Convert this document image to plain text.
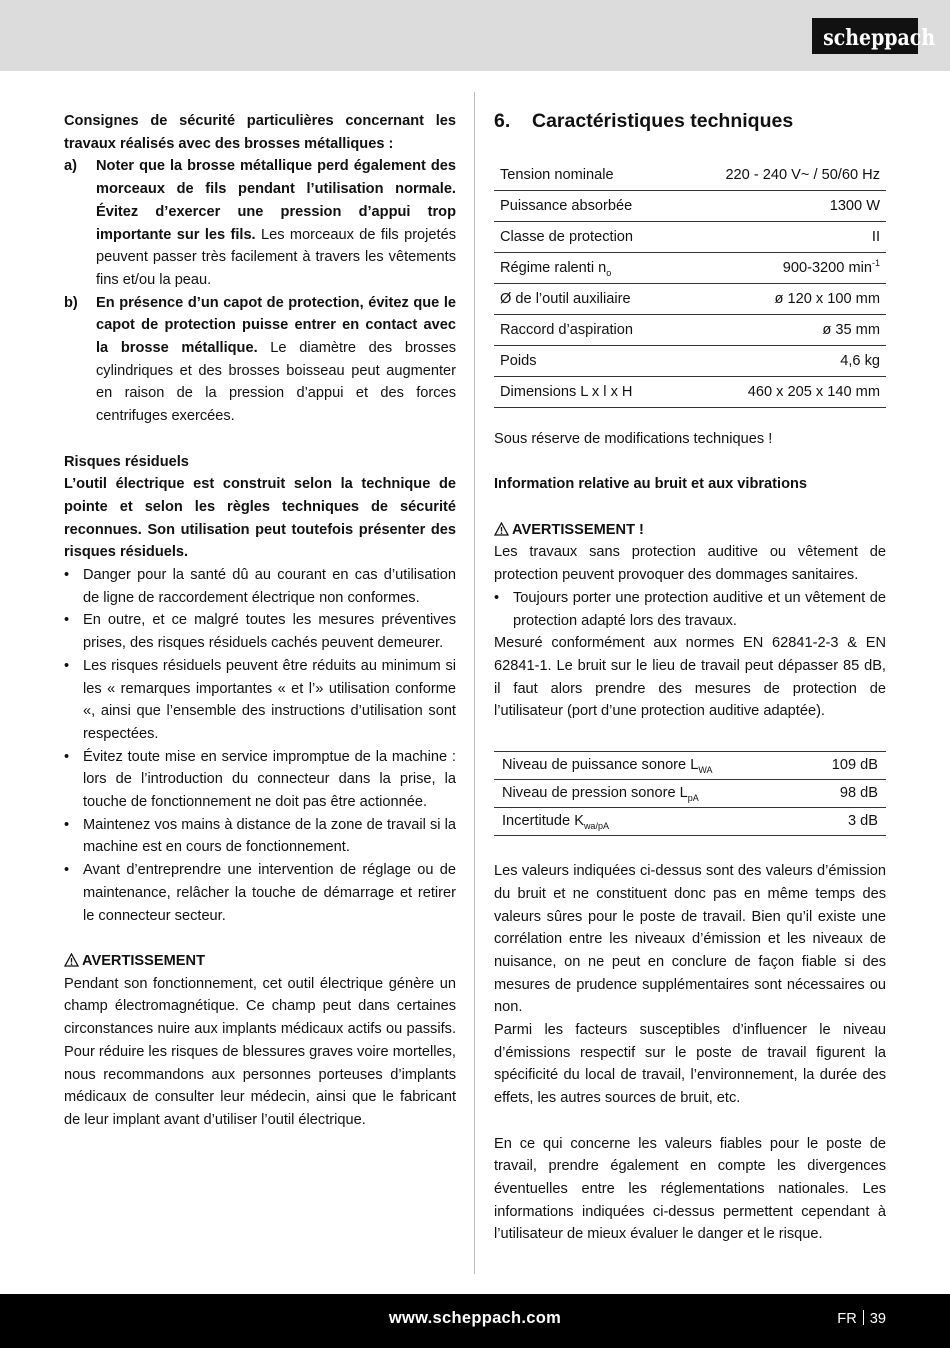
scheppach

Consignes de sécurité particulières concernant les travaux réalisés avec des brosses métalliques :

a) Noter que la brosse métallique perd également des morceaux de fils pendant l’utilisation normale. Évitez d’exercer une pression d’appui trop importante sur les fils. Les morceaux de fils projetés peuvent passer très facilement à travers les vêtements fins et/ou la peau.
b) En présence d’un capot de protection, évitez que le capot de protection puisse entrer en contact avec la brosse métallique. Le diamètre des brosses cylindriques et des brosses boisseau peut augmenter en raison de la pression d’appui et des forces centrifuges exercées.

Risques résiduels

L’outil électrique est construit selon la technique de pointe et selon les règles techniques de sécurité reconnues. Son utilisation peut toutefois présenter des risques résiduels.

• Danger pour la santé dû au courant en cas d’utilisation de ligne de raccordement électrique non conformes.
• En outre, et ce malgré toutes les mesures préventives prises, des risques résiduels cachés peuvent demeurer.
• Les risques résiduels peuvent être réduits au minimum si les « remarques importantes « et l’» utilisation conforme «, ainsi que l’ensemble des instructions d’utilisation sont respectées.
• Évitez toute mise en service impromptue de la machine : lors de l’introduction du connecteur dans la prise, la touche de fonctionnement ne doit pas être actionnée.
• Maintenez vos mains à distance de la zone de travail si la machine est en cours de fonctionnement.
• Avant d’entreprendre une intervention de réglage ou de maintenance, relâcher la touche de démarrage et retirer le connecteur secteur.

AVERTISSEMENT

Pendant son fonctionnement, cet outil électrique génère un champ électromagnétique. Ce champ peut dans certaines circonstances nuire aux implants médicaux actifs ou passifs. Pour réduire les risques de blessures graves voire mortelles, nous recommandons aux personnes porteuses d’implants médicaux de consulter leur médecin, ainsi que le fabricant de leur implant avant d’utiliser l’outil électrique.

6. Caractéristiques techniques
Tension nominale	220 - 240 V~ / 50/60 Hz
Puissance absorbée	1300 W
Classe de protection	II
Régime ralenti $n_o$	900-3200 $\min^{-1}$
Ø de l’outil auxiliaire	ø 120 x 100 mm
Raccord d’aspiration	ø 35 mm
Poids	4,6 kg
Dimensions L x l x H	460 x 205 x 140 mm

Sous réserve de modifications techniques !

Information relative au bruit et aux vibrations

AVERTISSEMENT !

Les travaux sans protection auditive ou vêtement de protection peuvent provoquer des dommages sanitaires.

• Toujours porter une protection auditive et un vêtement de protection adapté lors des travaux.

Mesuré conformément aux normes EN 62841-2-3 & EN 62841-1. Le bruit sur le lieu de travail peut dépasser 85 dB, il faut alors prendre des mesures de protection de l’utilisateur (port d’une protection auditive adaptée).

Niveau de puissance sonore $L_{WA}$	109 dB
Niveau de pression sonore $L_{pA}$	98 dB
Incertitude $K_{wa/pA}$	3 dB

Les valeurs indiquées ci-dessus sont des valeurs d’émission du bruit et ne constituent donc pas en même temps des valeurs sûres pour le poste de travail. Bien qu’il existe une corrélation entre les niveaux d’émission et les niveaux de nuisance, on ne peut en conclure de façon fiable si des mesures de prudence supplémentaires sont nécessaires ou non.

Parmi les facteurs susceptibles d’influencer le niveau d’émissions respectif sur le poste de travail figurent la spécificité du local de travail, l’environnement, la durée des effets, les autres sources de bruit, etc.

En ce qui concerne les valeurs fiables pour le poste de travail, prendre également en compte les divergences éventuelles entre les réglementations nationales. Les informations indiquées ci-dessus permettent cependant à l’utilisateur de mieux évaluer le danger et le risque.

www.scheppach.com	FR 39
